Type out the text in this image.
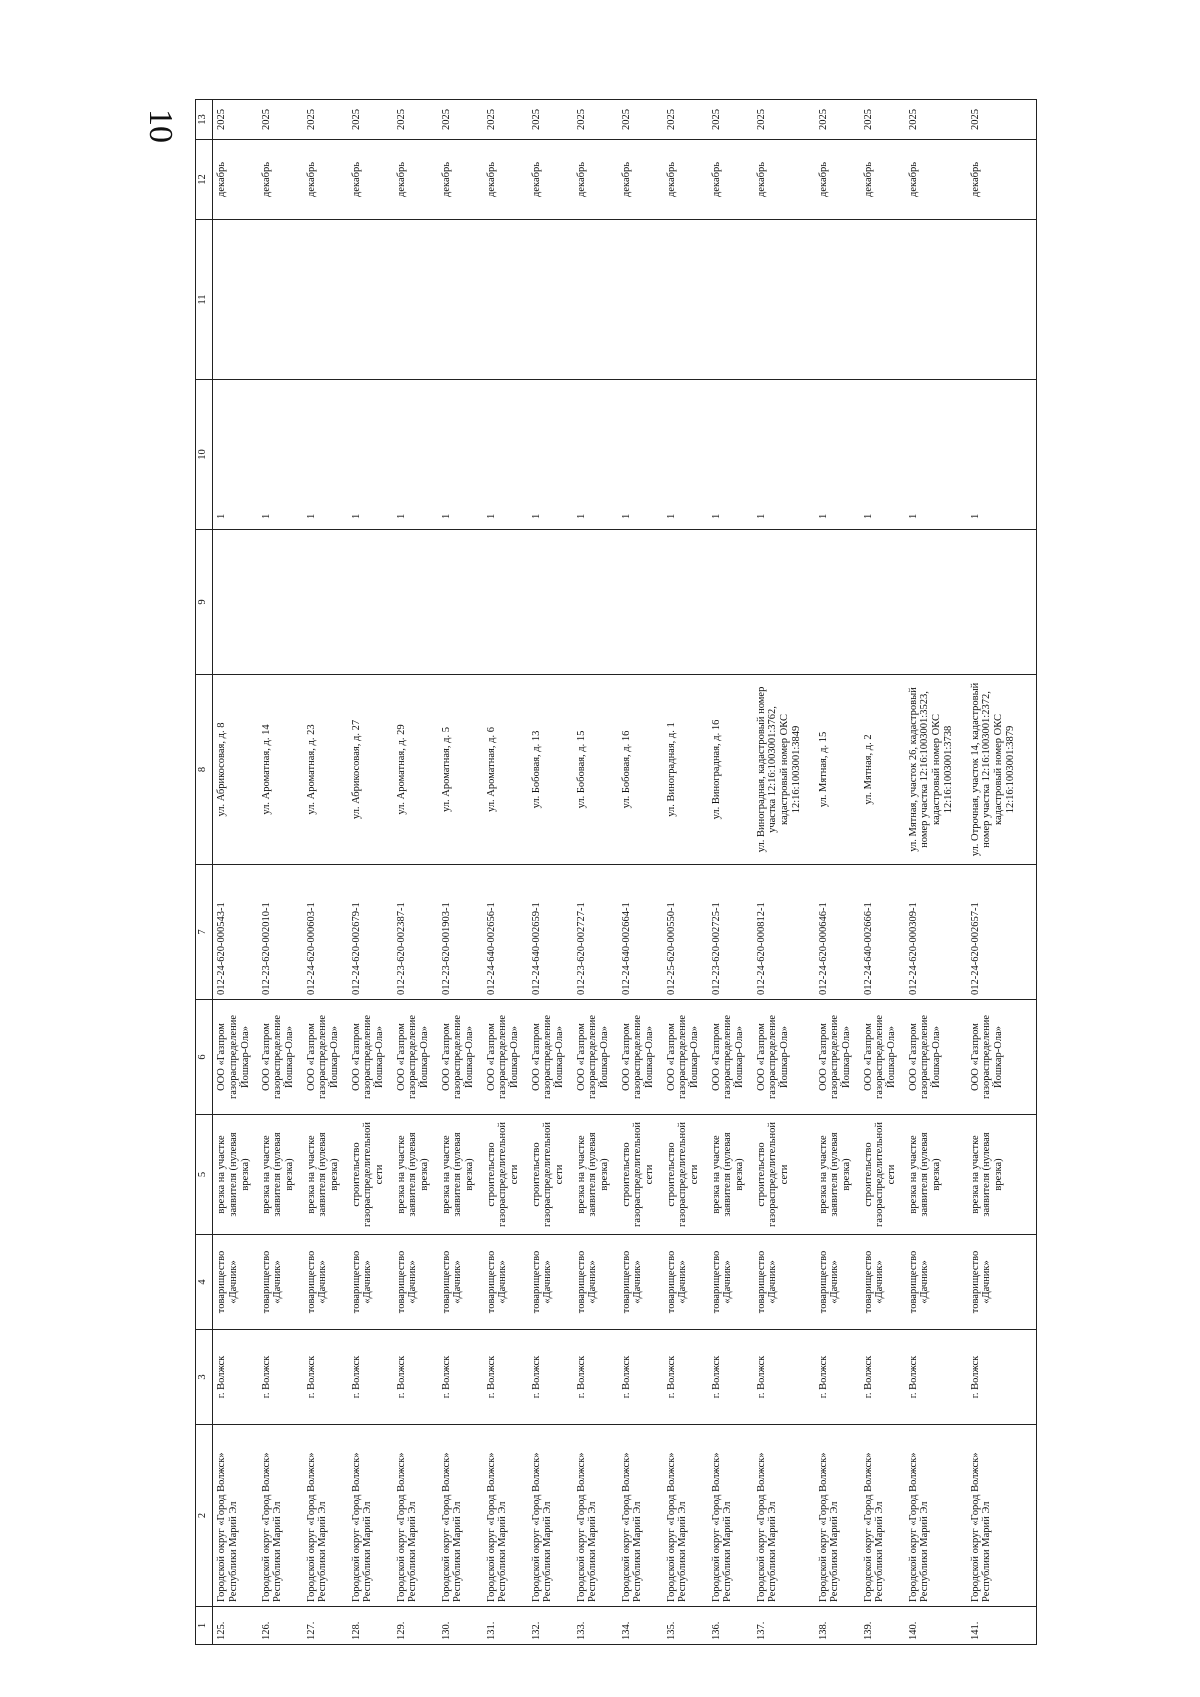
10
1	2	3	4	5	6	7	8	9	10	11	12	13
125.	Городской округ «Город Волжск» Республики Марий Эл	г. Волжск	товарищество «Дачник»	врезка на участке заявителя (нулевая врезка)	ООО «Газпром газораспределение Йошкар-Ола»	012-24-620-000543-1	ул. Абрикосовая, д. 8		1		декабрь	2025
126.	Городской округ «Город Волжск» Республики Марий Эл	г. Волжск	товарищество «Дачник»	врезка на участке заявителя (нулевая врезка)	ООО «Газпром газораспределение Йошкар-Ола»	012-23-620-002010-1	ул. Ароматная, д. 14		1		декабрь	2025
127.	Городской округ «Город Волжск» Республики Марий Эл	г. Волжск	товарищество «Дачник»	врезка на участке заявителя (нулевая врезка)	ООО «Газпром газораспределение Йошкар-Ола»	012-24-620-000603-1	ул. Ароматная, д. 23		1		декабрь	2025
128.	Городской округ «Город Волжск» Республики Марий Эл	г. Волжск	товарищество «Дачник»	строительство газораспределительной сети	ООО «Газпром газораспределение Йошкар-Ола»	012-24-620-002679-1	ул. Абрикосовая, д. 27		1		декабрь	2025
129.	Городской округ «Город Волжск» Республики Марий Эл	г. Волжск	товарищество «Дачник»	врезка на участке заявителя (нулевая врезка)	ООО «Газпром газораспределение Йошкар-Ола»	012-23-620-002387-1	ул. Ароматная, д. 29		1		декабрь	2025
130.	Городской округ «Город Волжск» Республики Марий Эл	г. Волжск	товарищество «Дачник»	врезка на участке заявителя (нулевая врезка)	ООО «Газпром газораспределение Йошкар-Ола»	012-23-620-001903-1	ул. Ароматная, д. 5		1		декабрь	2025
131.	Городской округ «Город Волжск» Республики Марий Эл	г. Волжск	товарищество «Дачник»	строительство газораспределительной сети	ООО «Газпром газораспределение Йошкар-Ола»	012-24-640-002656-1	ул. Ароматная, д. 6		1		декабрь	2025
132.	Городской округ «Город Волжск» Республики Марий Эл	г. Волжск	товарищество «Дачник»	строительство газораспределительной сети	ООО «Газпром газораспределение Йошкар-Ола»	012-24-640-002659-1	ул. Бобовая, д. 13		1		декабрь	2025
133.	Городской округ «Город Волжск» Республики Марий Эл	г. Волжск	товарищество «Дачник»	врезка на участке заявителя (нулевая врезка)	ООО «Газпром газораспределение Йошкар-Ола»	012-23-620-002727-1	ул. Бобовая, д. 15		1		декабрь	2025
134.	Городской округ «Город Волжск» Республики Марий Эл	г. Волжск	товарищество «Дачник»	строительство газораспределительной сети	ООО «Газпром газораспределение Йошкар-Ола»	012-24-640-002664-1	ул. Бобовая, д. 16		1		декабрь	2025
135.	Городской округ «Город Волжск» Республики Марий Эл	г. Волжск	товарищество «Дачник»	строительство газораспределительной сети	ООО «Газпром газораспределение Йошкар-Ола»	012-25-620-000550-1	ул. Виноградная, д. 1		1		декабрь	2025
136.	Городской округ «Город Волжск» Республики Марий Эл	г. Волжск	товарищество «Дачник»	врезка на участке заявителя (нулевая врезка)	ООО «Газпром газораспределение Йошкар-Ола»	012-23-620-002725-1	ул. Виноградная, д. 16		1		декабрь	2025
137.	Городской округ «Город Волжск» Республики Марий Эл	г. Волжск	товарищество «Дачник»	строительство газораспределительной сети	ООО «Газпром газораспределение Йошкар-Ола»	012-24-620-000812-1	ул. Виноградная, кадастровый номер участка 12:16:1003001:3762, кадастровый номер ОКС 12:16:1003001:3849		1		декабрь	2025
138.	Городской округ «Город Волжск» Республики Марий Эл	г. Волжск	товарищество «Дачник»	врезка на участке заявителя (нулевая врезка)	ООО «Газпром газораспределение Йошкар-Ола»	012-24-620-000646-1	ул. Мятная, д. 15		1		декабрь	2025
139.	Городской округ «Город Волжск» Республики Марий Эл	г. Волжск	товарищество «Дачник»	строительство газораспределительной сети	ООО «Газпром газораспределение Йошкар-Ола»	012-24-640-002666-1	ул. Мятная, д. 2		1		декабрь	2025
140.	Городской округ «Город Волжск» Республики Марий Эл	г. Волжск	товарищество «Дачник»	врезка на участке заявителя (нулевая врезка)	ООО «Газпром газораспределение Йошкар-Ола»	012-24-620-000309-1	ул. Мятная, участок 26, кадастровый номер участка 12:16:1003001:3523, кадастровый номер ОКС 12:16:1003001:3738		1		декабрь	2025
141.	Городской округ «Город Волжск» Республики Марий Эл	г. Волжск	товарищество «Дачник»	врезка на участке заявителя (нулевая врезка)	ООО «Газпром газораспределение Йошкар-Ола»	012-24-620-002657-1	ул. Отрочная, участок 14, кадастровый номер участка 12:16:1003001:2372, кадастровый номер ОКС 12:16:1003001:3879		1		декабрь	2025
